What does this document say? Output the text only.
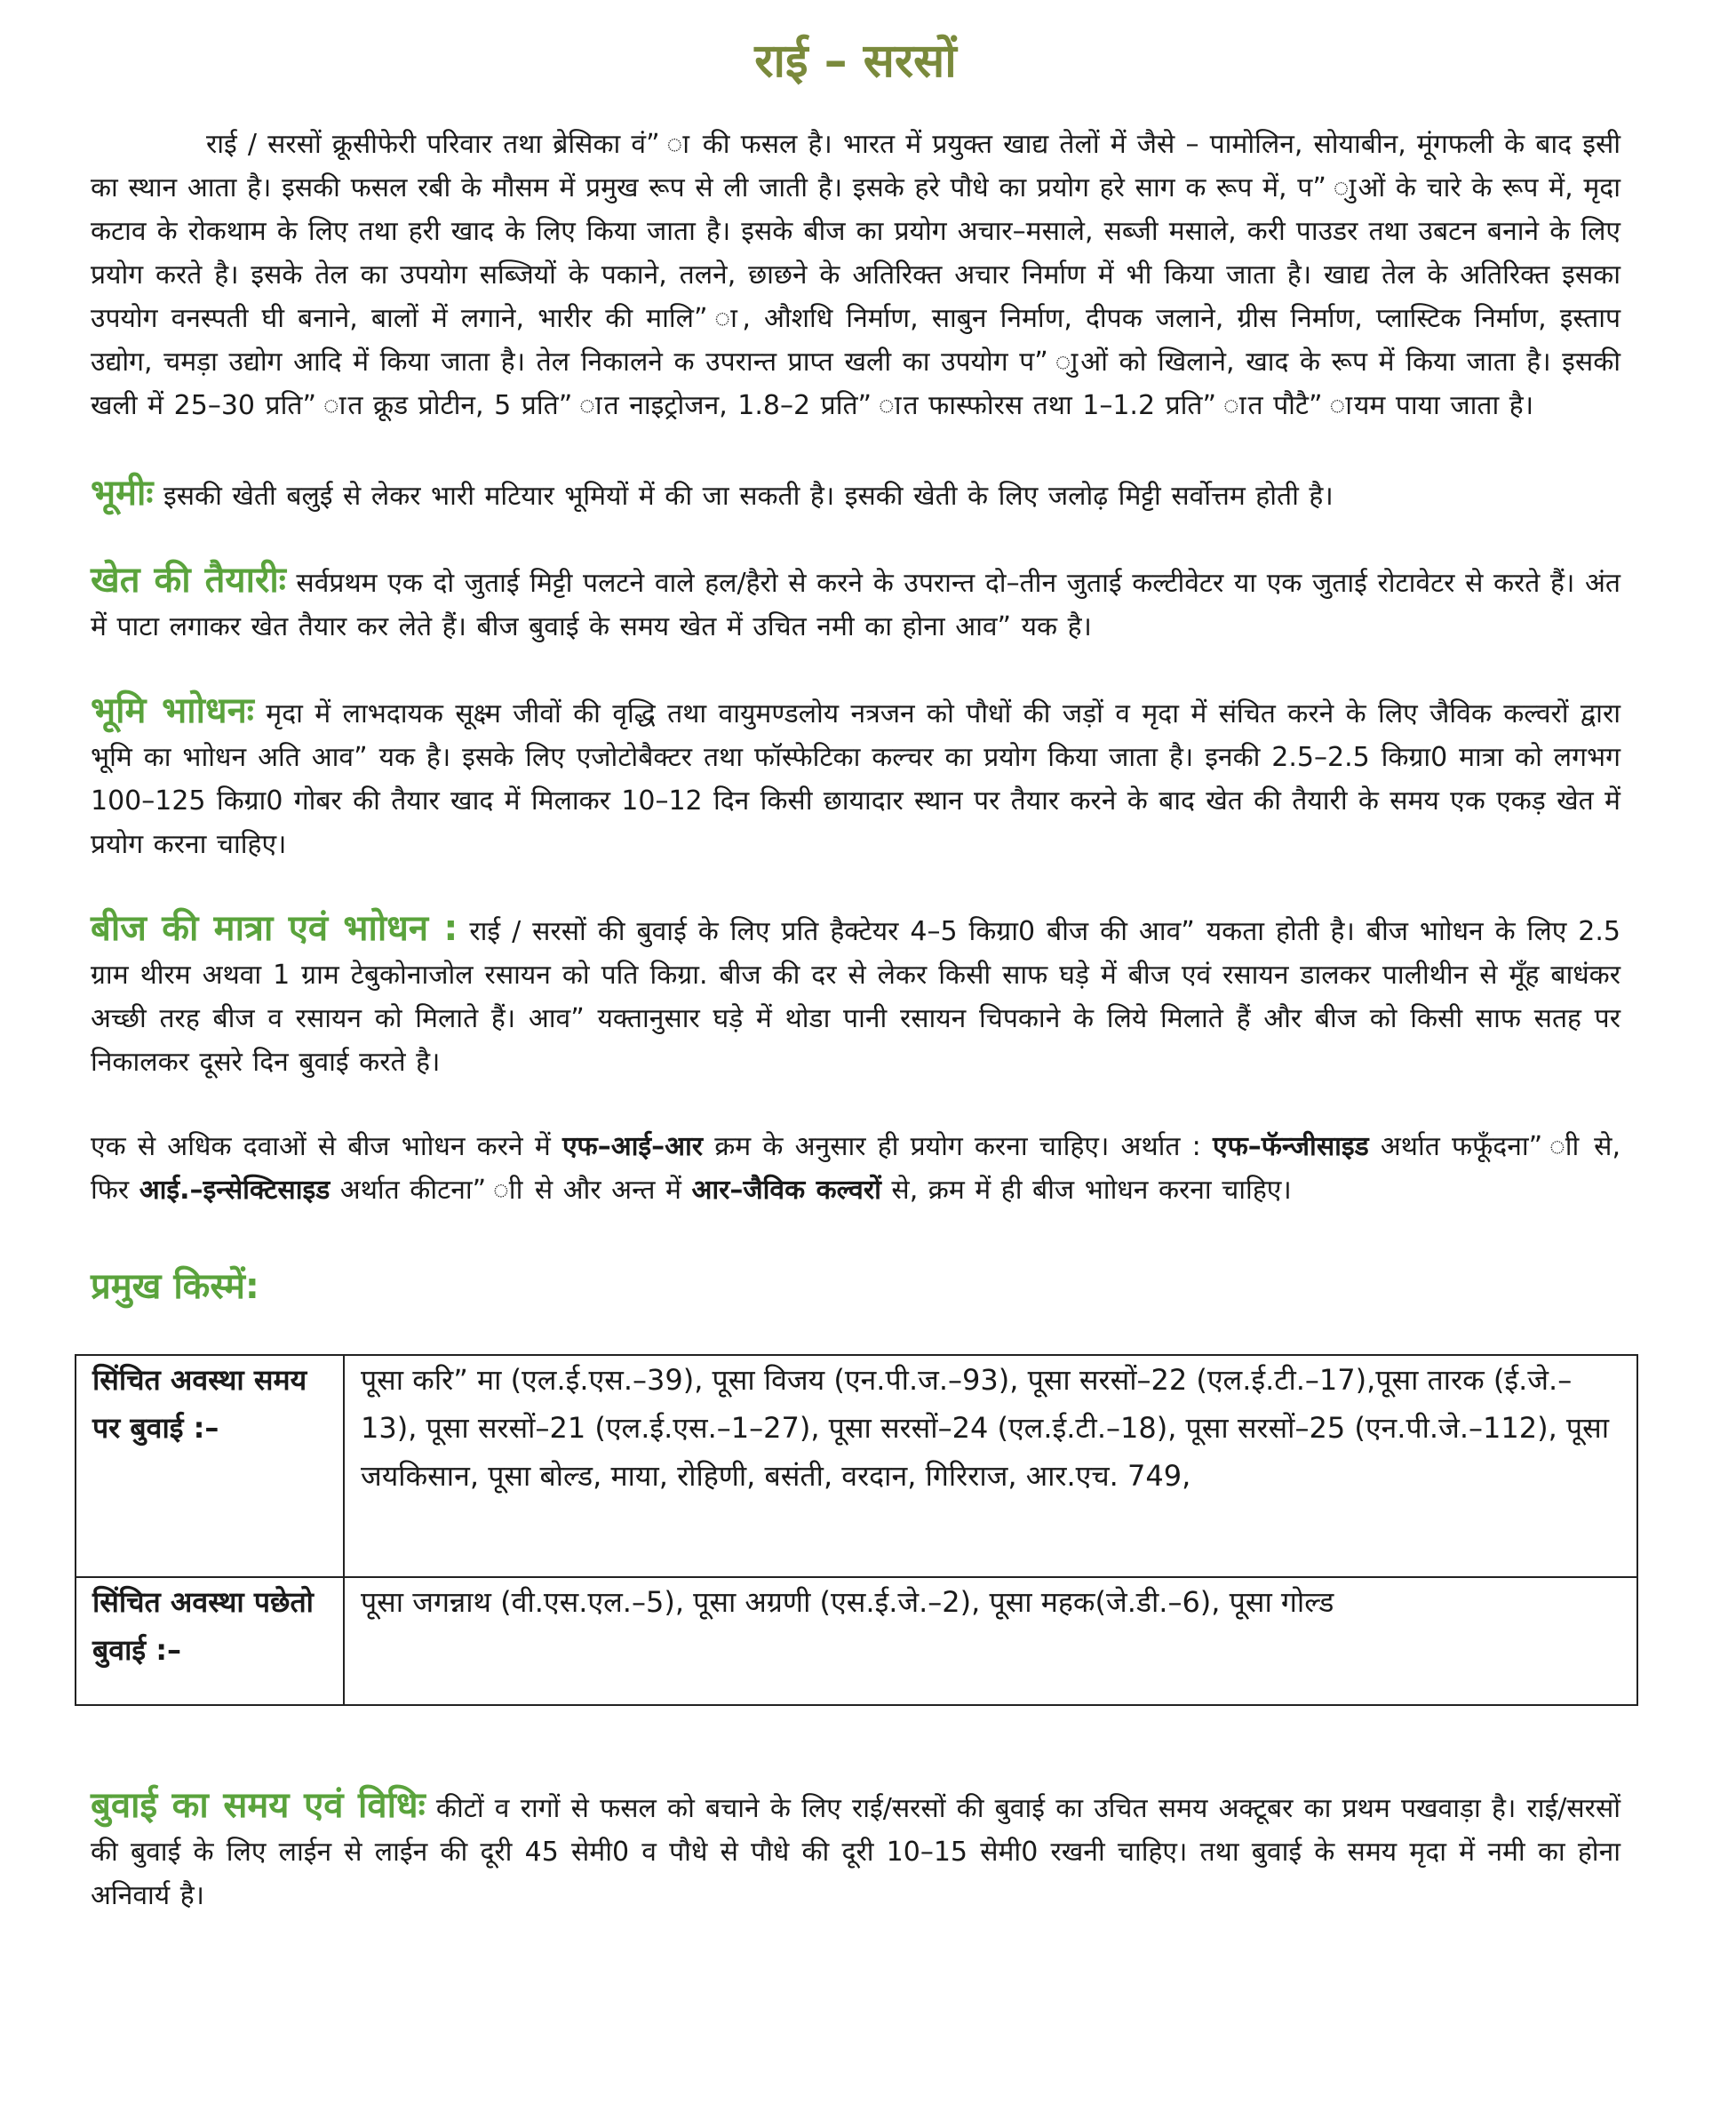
राई – सरसों

राई / सरसों क्रूसीफेरी परिवार तथा ब्रेसिका वं” ा की फसल है। भारत में प्रयुक्त खाद्य तेलों में जैसे – पामोलिन, सोयाबीन, मूंगफली के बाद इसी का स्थान आता है। इसकी फसल रबी के मौसम में प्रमुख रूप से ली जाती है। इसके हरे पौधे का प्रयोग हरे साग क रूप में, प” ाुओं के चारे के रूप में, मृदा कटाव के रोकथाम के लिए तथा हरी खाद के लिए किया जाता है। इसके बीज का प्रयोग अचार–मसाले, सब्जी मसाले, करी पाउडर तथा उबटन बनाने के लिए प्रयोग करते है। इसके तेल का उपयोग सब्जियों के पकाने, तलने, छाछने के अतिरिक्त अचार निर्माण में भी किया जाता है। खाद्य तेल के अतिरिक्त इसका उपयोग वनस्पती घी बनाने, बालों में लगाने, भारीर की मालि” ा, औशधि निर्माण, साबुन निर्माण, दीपक जलाने, ग्रीस निर्माण, प्लास्टिक निर्माण, इस्ताप उद्योग, चमड़ा उद्योग आदि में किया जाता है। तेल निकालने क उपरान्त प्राप्त खली का उपयोग प” ाुओं को खिलाने, खाद के रूप में किया जाता है। इसकी खली में 25–30 प्रति” ात क्रूड प्रोटीन, 5 प्रति” ात नाइट्रोजन, 1.8–2 प्रति” ात फास्फोरस तथा 1–1.2 प्रति” ात पौटै” ायम पाया जाता है।

भूमीः इसकी खेती बलुई से लेकर भारी मटियार भूमियों में की जा सकती है। इसकी खेती के लिए जलोढ़ मिट्टी सर्वोत्तम होती है।

खेत की तैयारीः सर्वप्रथम एक दो जुताई मिट्टी पलटने वाले हल/हैरो से करने के उपरान्त दो–तीन जुताई कल्टीवेटर या एक जुताई रोटावेटर से करते हैं। अंत में पाटा लगाकर खेत तैयार कर लेते हैं। बीज बुवाई के समय खेत में उचित नमी का होना आव” यक है।

भूमि भाोधनः मृदा में लाभदायक सूक्ष्म जीवों की वृद्धि तथा वायुमण्डलोय नत्रजन को पौधों की जड़ों व मृदा में संचित करने के लिए जैविक कल्वरों द्वारा भूमि का भाोधन अति आव” यक है। इसके लिए एजोटोबैक्टर तथा फॉस्फेटिका कल्चर का प्रयोग किया जाता है। इनकी 2.5–2.5 किग्रा0 मात्रा को लगभग 100–125 किग्रा0 गोबर की तैयार खाद में मिलाकर 10–12 दिन किसी छायादार स्थान पर तैयार करने के बाद खेत की तैयारी के समय एक एकड़ खेत में प्रयोग करना चाहिए।

बीज की मात्रा एवं भाोधन : राई / सरसों की बुवाई के लिए प्रति हैक्टेयर 4–5 किग्रा0 बीज की आव” यकता होती है। बीज भाोधन के लिए 2.5 ग्राम थीरम अथवा 1 ग्राम टेबुकोनाजोल रसायन को पति किग्रा. बीज की दर से लेकर किसी साफ घड़े में बीज एवं रसायन डालकर पालीथीन से मूँह बाधंकर अच्छी तरह बीज व रसायन को मिलाते हैं। आव” यक्तानुसार घड़े में थोडा पानी रसायन चिपकाने के लिये मिलाते हैं और बीज को किसी साफ सतह पर निकालकर दूसरे दिन बुवाई करते है।

एक से अधिक दवाओं से बीज भाोधन करने में एफ–आई–आर क्रम के अनुसार ही प्रयोग करना चाहिए। अर्थात : एफ–फॅन्जीसाइड अर्थात फफूँदना” ाी से, फिर आई.–इन्सेक्टिसाइड अर्थात कीटना” ाी से और अन्त में आर–जैविक कल्वरों से, क्रम में ही बीज भाोधन करना चाहिए।

प्रमुख किस्में:
सिंचित अवस्था समय पर बुवाई :–	पूसा करि” मा (एल.ई.एस.–39), पूसा विजय (एन.पी.ज.–93), पूसा सरसों–22 (एल.ई.टी.–17),पूसा तारक (ई.जे.–13), पूसा सरसों–21 (एल.ई.एस.–1–27), पूसा सरसों–24 (एल.ई.टी.–18), पूसा सरसों–25 (एन.पी.जे.–112), पूसा जयकिसान, पूसा बोल्ड, माया, रोहिणी, बसंती, वरदान, गिरिराज, आर.एच. 749,
सिंचित अवस्था पछेतो बुवाई :–	पूसा जगन्नाथ (वी.एस.एल.–5), पूसा अग्रणी (एस.ई.जे.–2), पूसा महक(जे.डी.–6), पूसा गोल्ड

बुवाई का समय एवं विधिः कीटों व रागों से फसल को बचाने के लिए राई/सरसों की बुवाई का उचित समय अक्टूबर का प्रथम पखवाड़ा है। राई/सरसों की बुवाई के लिए लाईन से लाईन की दूरी 45 सेमी0 व पौधे से पौधे की दूरी 10–15 सेमी0 रखनी चाहिए। तथा बुवाई के समय मृदा में नमी का होना अनिवार्य है।
